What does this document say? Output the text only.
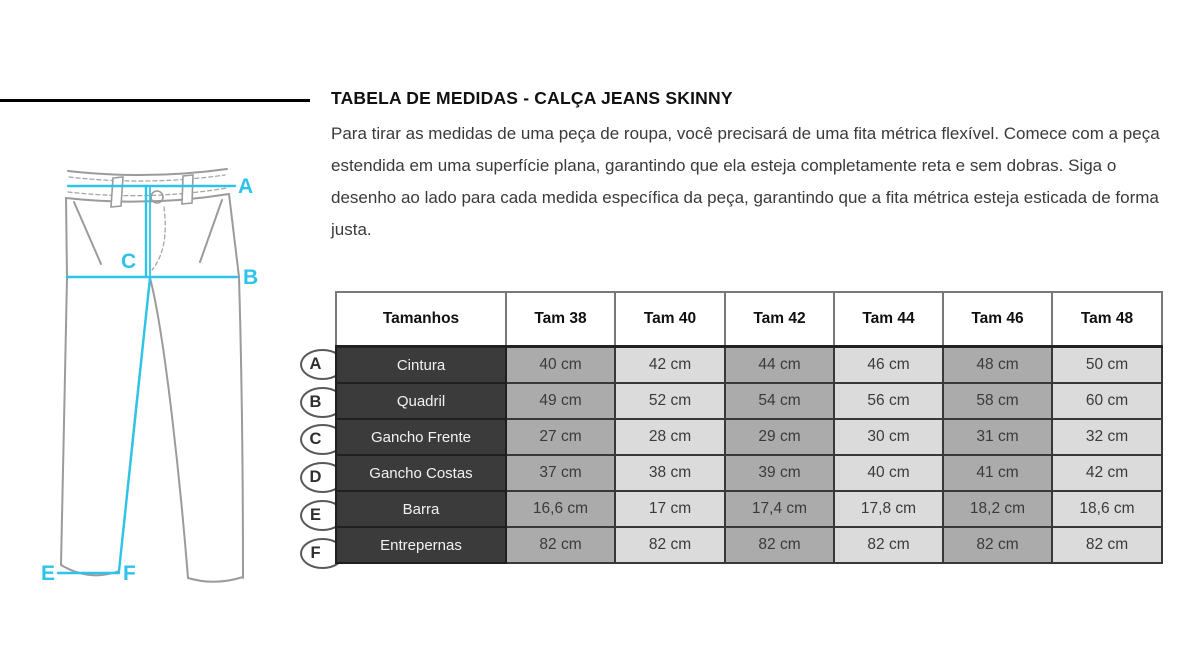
TABELA DE MEDIDAS - CALÇA JEANS SKINNY
Para tirar as medidas de uma peça de roupa, você precisará de uma fita métrica flexível. Comece com a peça estendida em uma superfície plana, garantindo que ela esteja completamente reta e sem dobras. Siga o desenho ao lado para cada medida específica da peça, garantindo que a fita métrica esteja esticada de forma justa.
A
B
C
E	F
A
B
C
D
E
F
Tamanhos	Tam 38	Tam 40	Tam 42	Tam 44	Tam 46	Tam 48
Cintura	40 cm	42 cm	44 cm	46 cm	48 cm	50 cm
Quadril	49 cm	52 cm	54 cm	56 cm	58 cm	60 cm
Gancho Frente	27 cm	28 cm	29 cm	30 cm	31 cm	32 cm
Gancho Costas	37 cm	38 cm	39 cm	40 cm	41 cm	42 cm
Barra	16,6 cm	17 cm	17,4 cm	17,8 cm	18,2 cm	18,6 cm
Entrepernas	82 cm	82 cm	82 cm	82 cm	82 cm	82 cm
